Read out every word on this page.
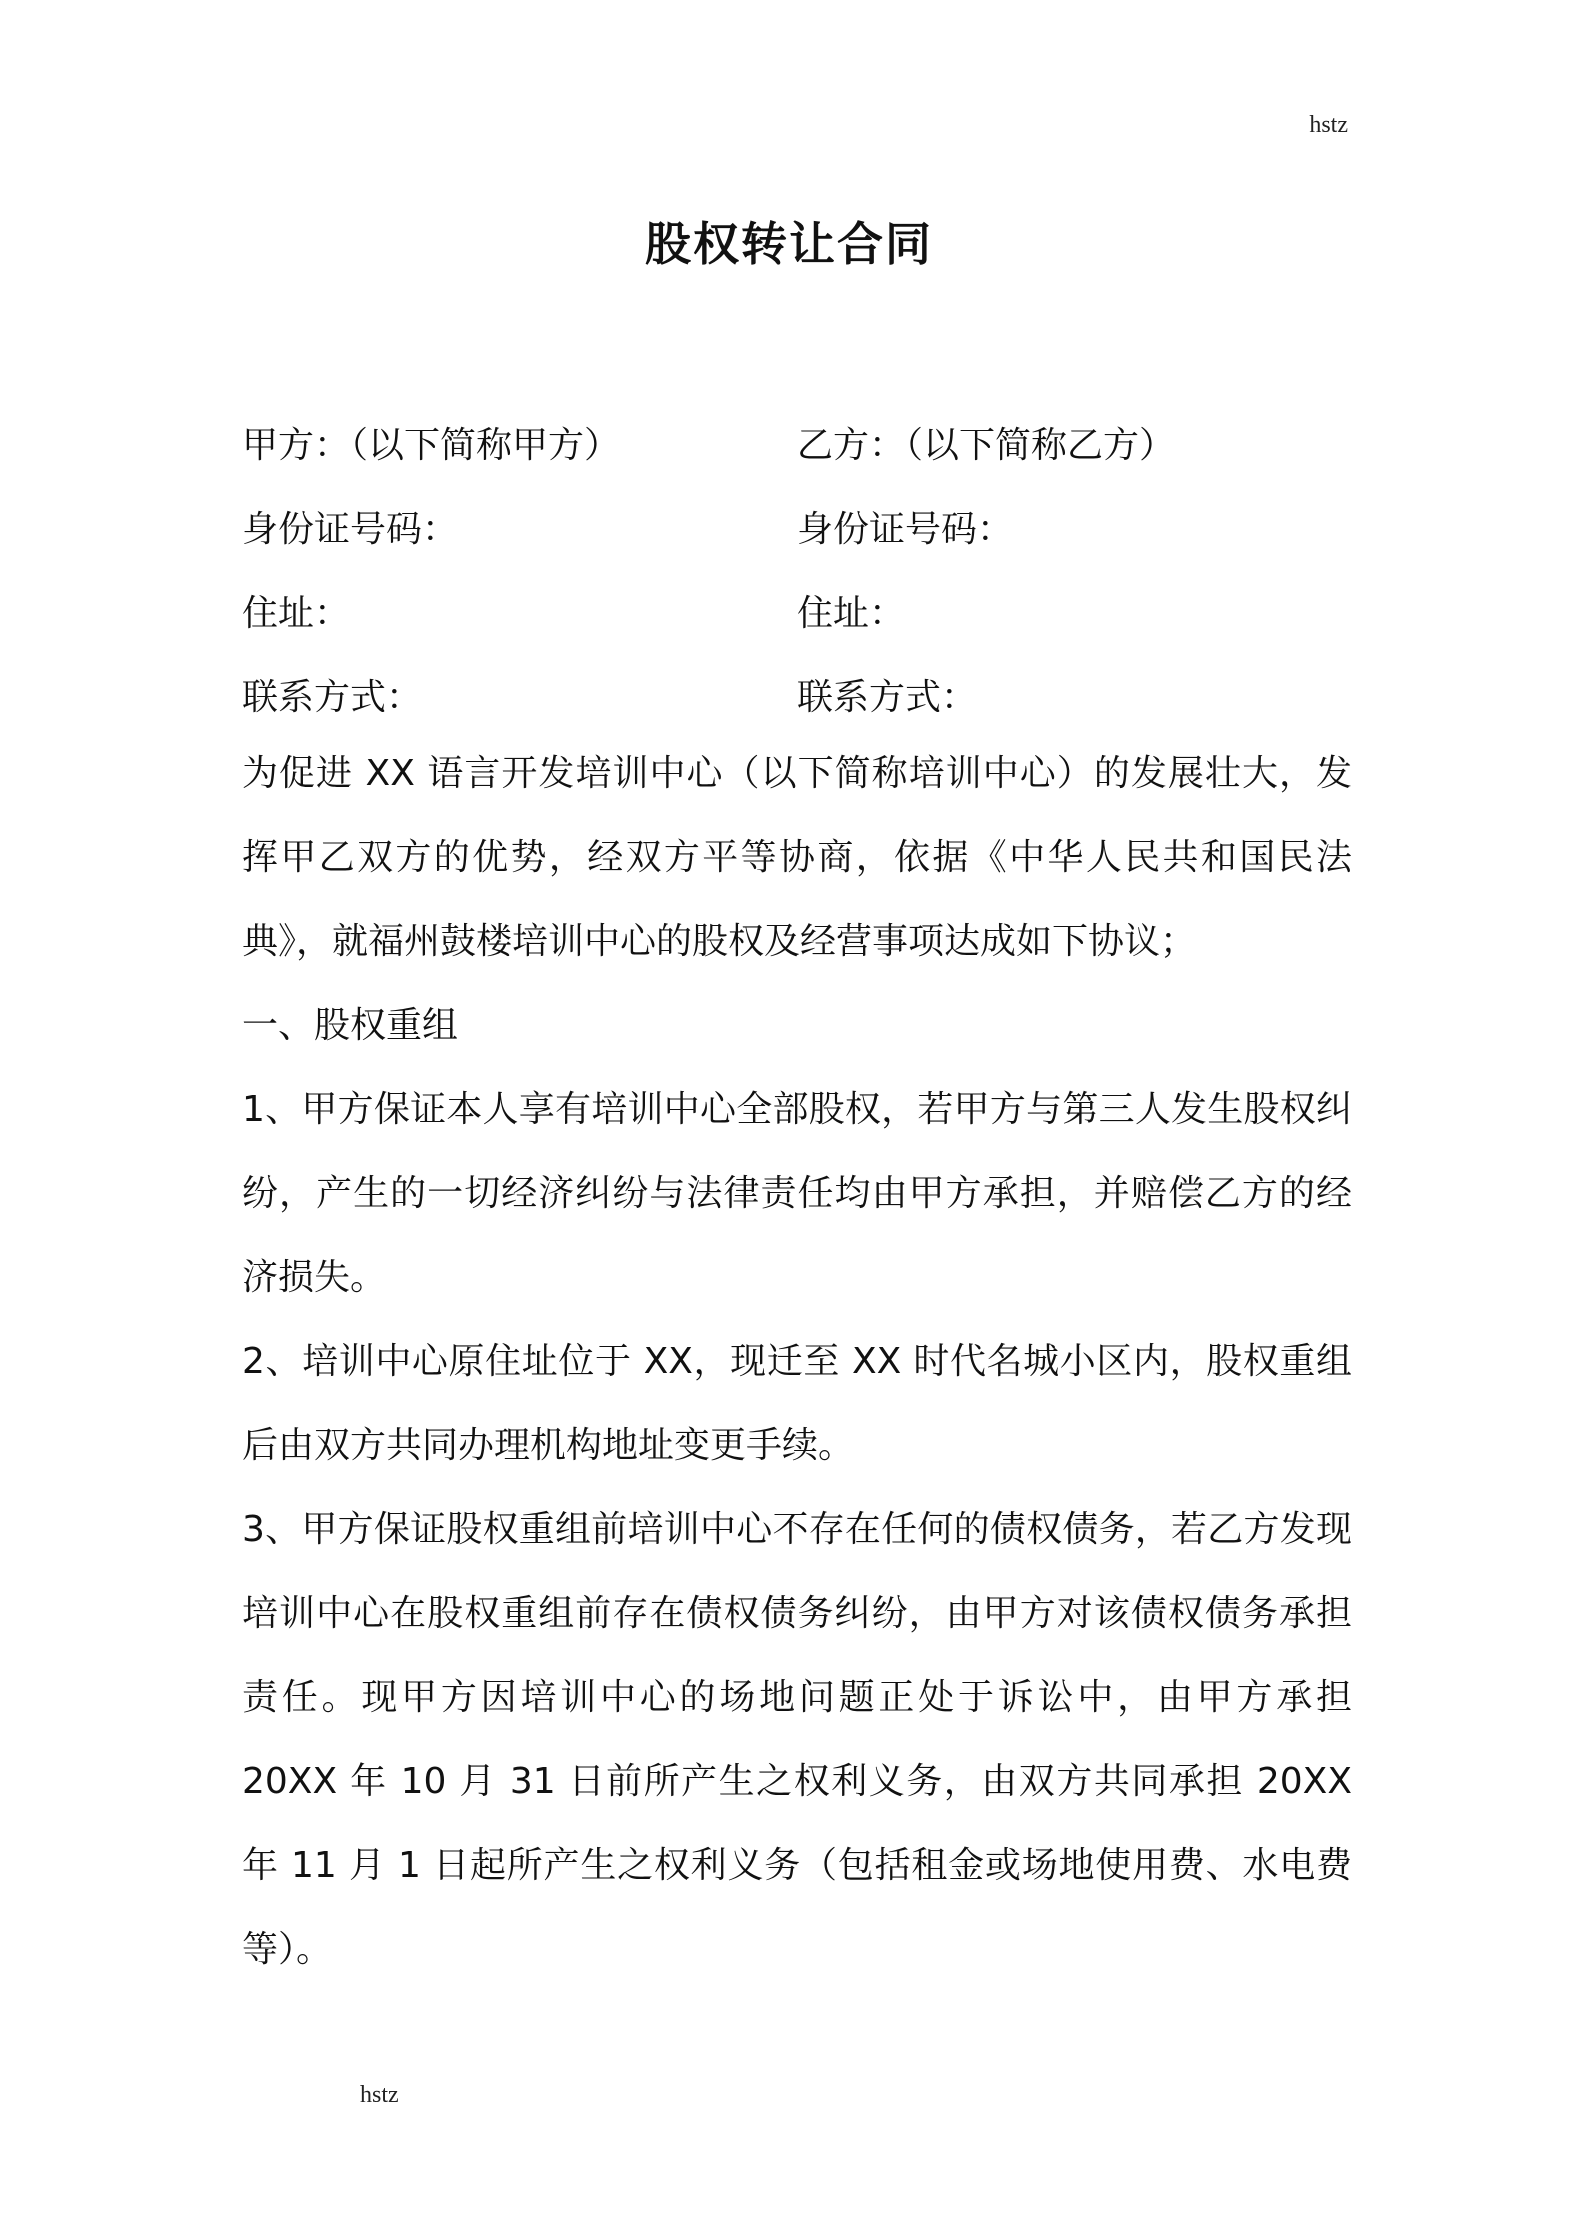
hstz
股权转让合同
甲方：（以下简称甲方）	乙方：（以下简称乙方）
身份证号码：	身份证号码：
住址：	住址：
联系方式：	联系方式：

为促进 XX 语言开发培训中心（以下简称培训中心）的发展壮大，发挥甲乙双方的优势，经双方平等协商，依据《中华人民共和国民法典》，就福州鼓楼培训中心的股权及经营事项达成如下协议；

一、股权重组

1、甲方保证本人享有培训中心全部股权，若甲方与第三人发生股权纠纷，产生的一切经济纠纷与法律责任均由甲方承担，并赔偿乙方的经济损失。

2、培训中心原住址位于 XX，现迁至 XX 时代名城小区内，股权重组后由双方共同办理机构地址变更手续。

3、甲方保证股权重组前培训中心不存在任何的债权债务，若乙方发现培训中心在股权重组前存在债权债务纠纷，由甲方对该债权债务承担责任。现甲方因培训中心的场地问题正处于诉讼中，由甲方承担 20XX 年 10 月 31 日前所产生之权利义务，由双方共同承担 20XX 年 11 月 1 日起所产生之权利义务（包括租金或场地使用费、水电费等）。

hstz
